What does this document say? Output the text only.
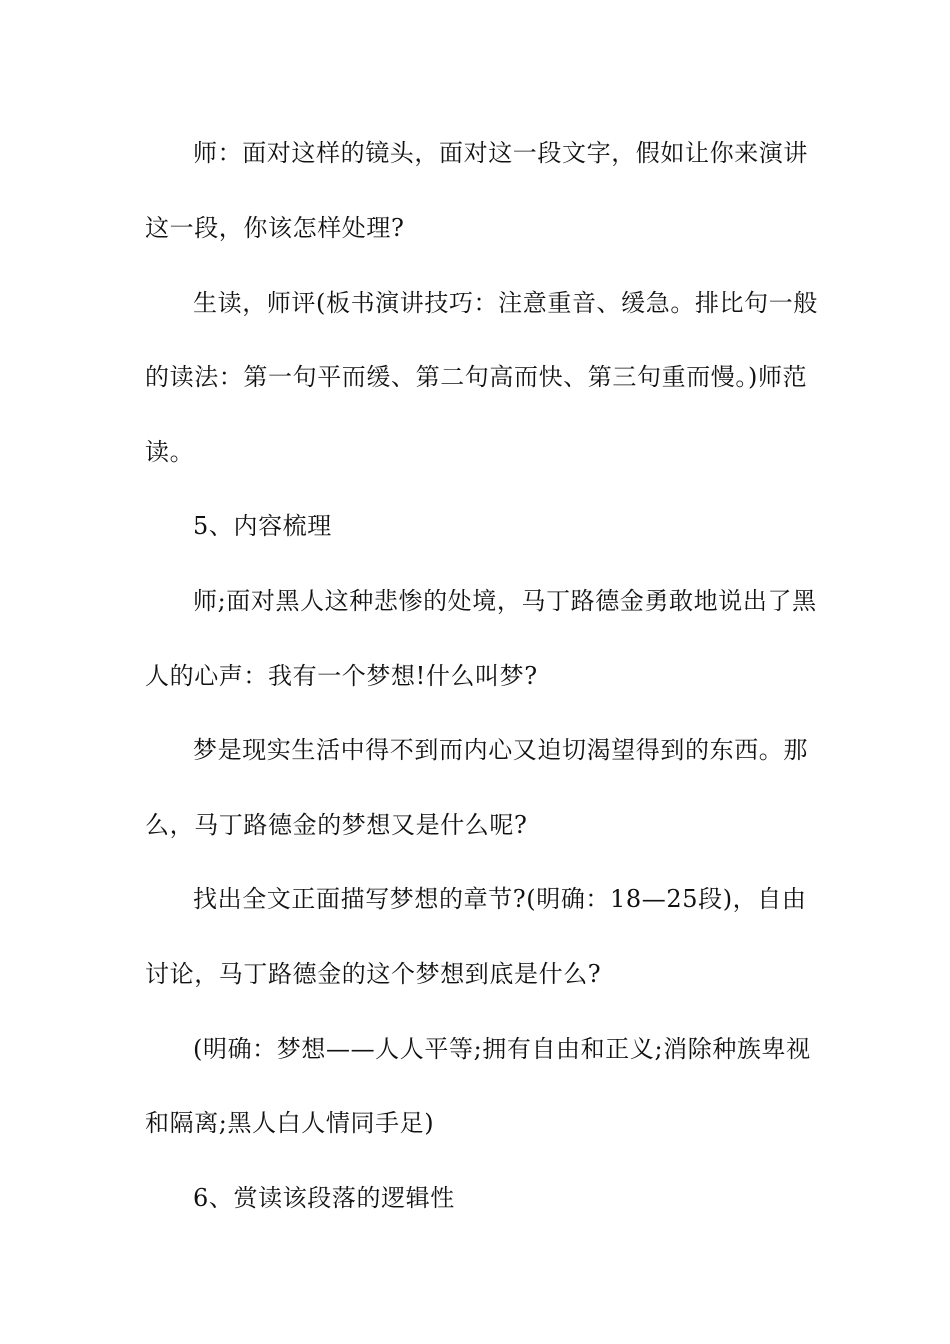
师：面对这样的镜头，面对这一段文字，假如让你来演讲
这一段，你该怎样处理?
生读，师评(板书演讲技巧：注意重音、缓急。排比句一般
的读法：第一句平而缓、第二句高而快、第三句重而慢。)师范
读。
5、内容梳理
师;面对黑人这种悲惨的处境，马丁路德金勇敢地说出了黑
人的心声：我有一个梦想!什么叫梦?
梦是现实生活中得不到而内心又迫切渴望得到的东西。那
么，马丁路德金的梦想又是什么呢?
找出全文正面描写梦想的章节?(明确：18—25段)，自由
讨论，马丁路德金的这个梦想到底是什么?
(明确：梦想——人人平等;拥有自由和正义;消除种族卑视
和隔离;黑人白人情同手足)
6、赏读该段落的逻辑性
